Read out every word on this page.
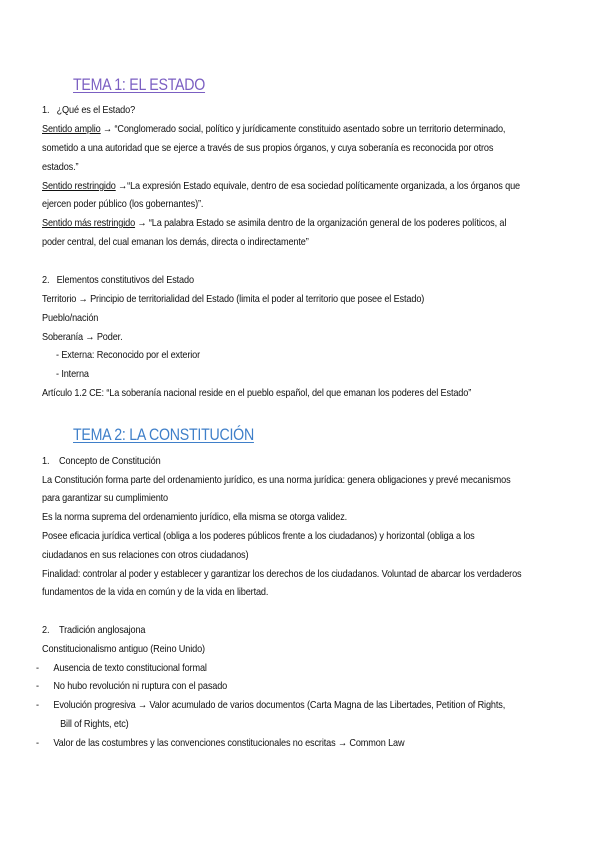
TEMA 1: EL ESTADO
1.   ¿Qué es el Estado?
Sentido amplio → “Conglomerado social, político y jurídicamente constituido asentado sobre un territorio determinado,
sometido a una autoridad que se ejerce a través de sus propios órganos, y cuya soberanía es reconocida por otros
estados.”
Sentido restringido →“La expresión Estado equivale, dentro de esa sociedad políticamente organizada, a los órganos que
ejercen poder público (los gobernantes)”.
Sentido más restringido → “La palabra Estado se asimila dentro de la organización general de los poderes políticos, al
poder central, del cual emanan los demás, directa o indirectamente”
2.   Elementos constitutivos del Estado
Territorio → Principio de territorialidad del Estado (limita el poder al territorio que posee el Estado)
Pueblo/nación
Soberanía → Poder.
- Externa: Reconocido por el exterior
- Interna
Artículo 1.2 CE: “La soberanía nacional reside en el pueblo español, del que emanan los poderes del Estado”
TEMA 2: LA CONSTITUCIÓN
1.    Concepto de Constitución
La Constitución forma parte del ordenamiento jurídico, es una norma jurídica: genera obligaciones y prevé mecanismos
para garantizar su cumplimiento
Es la norma suprema del ordenamiento jurídico, ella misma se otorga validez.
Posee eficacia jurídica vertical (obliga a los poderes públicos frente a los ciudadanos) y horizontal (obliga a los
ciudadanos en sus relaciones con otros ciudadanos)
Finalidad: controlar al poder y establecer y garantizar los derechos de los ciudadanos. Voluntad de abarcar los verdaderos
fundamentos de la vida en común y de la vida en libertad.
2.    Tradición anglosajona
Constitucionalismo antiguo (Reino Unido)
-      Ausencia de texto constitucional formal
-      No hubo revolución ni ruptura con el pasado
-      Evolución progresiva → Valor acumulado de varios documentos (Carta Magna de las Libertades, Petition of Rights,
Bill of Rights, etc)
-      Valor de las costumbres y las convenciones constitucionales no escritas → Common Law
